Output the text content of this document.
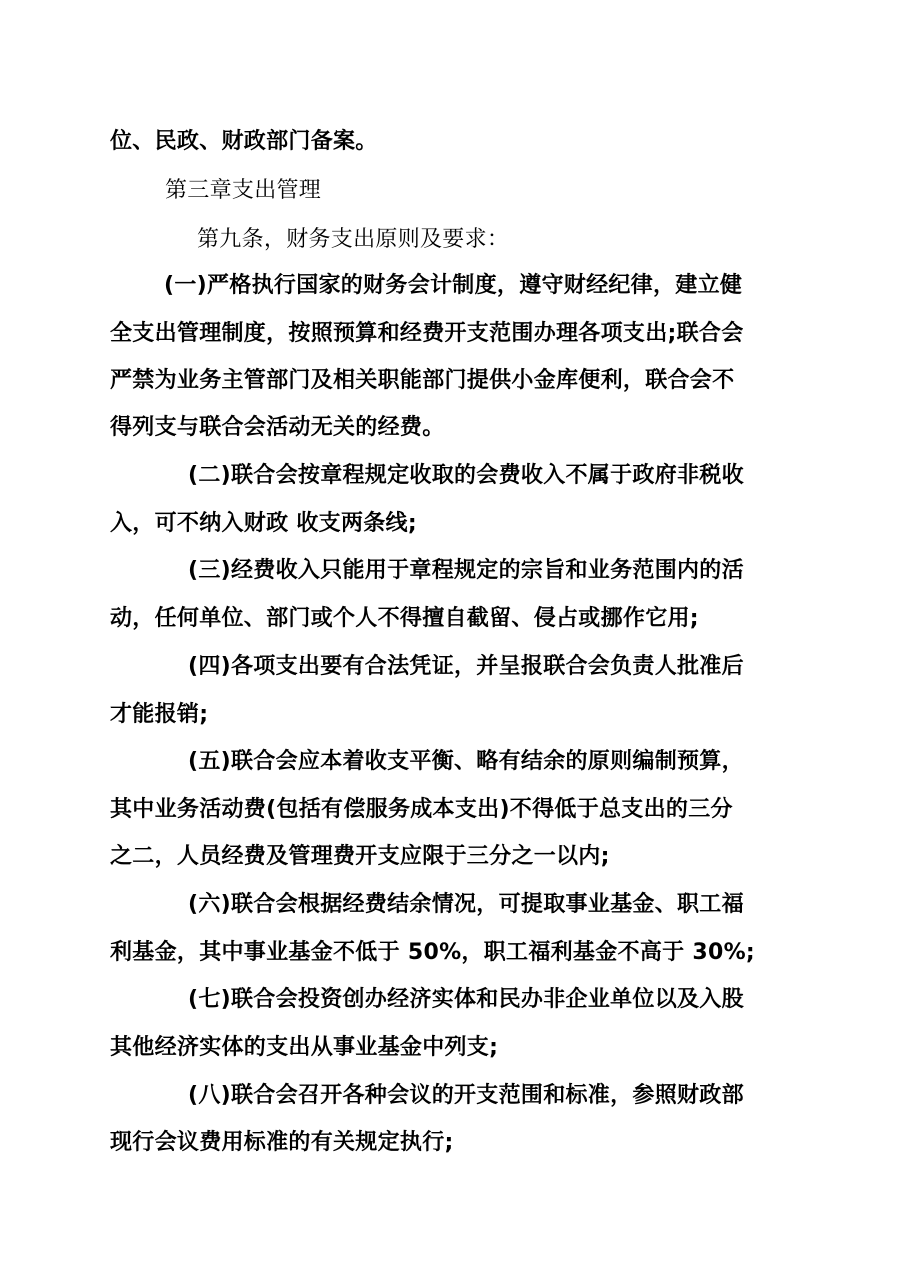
位、民政、财政部门备案。
第三章支出管理
第九条，财务支出原则及要求：
(一)严格执行国家的财务会计制度，遵守财经纪律，建立健
全支出管理制度，按照预算和经费开支范围办理各项支出;联合会
严禁为业务主管部门及相关职能部门提供小金库便利，联合会不
得列支与联合会活动无关的经费。
(二)联合会按章程规定收取的会费收入不属于政府非税收
入，可不纳入财政 收支两条线;
(三)经费收入只能用于章程规定的宗旨和业务范围内的活
动，任何单位、部门或个人不得擅自截留、侵占或挪作它用;
(四)各项支出要有合法凭证，并呈报联合会负责人批准后
才能报销;
(五)联合会应本着收支平衡、略有结余的原则编制预算，
其中业务活动费(包括有偿服务成本支出)不得低于总支出的三分
之二，人员经费及管理费开支应限于三分之一以内;
(六)联合会根据经费结余情况，可提取事业基金、职工福
利基金，其中事业基金不低于 50%，职工福利基金不高于 30%;
(七)联合会投资创办经济实体和民办非企业单位以及入股
其他经济实体的支出从事业基金中列支;
(八)联合会召开各种会议的开支范围和标准，参照财政部
现行会议费用标准的有关规定执行;
